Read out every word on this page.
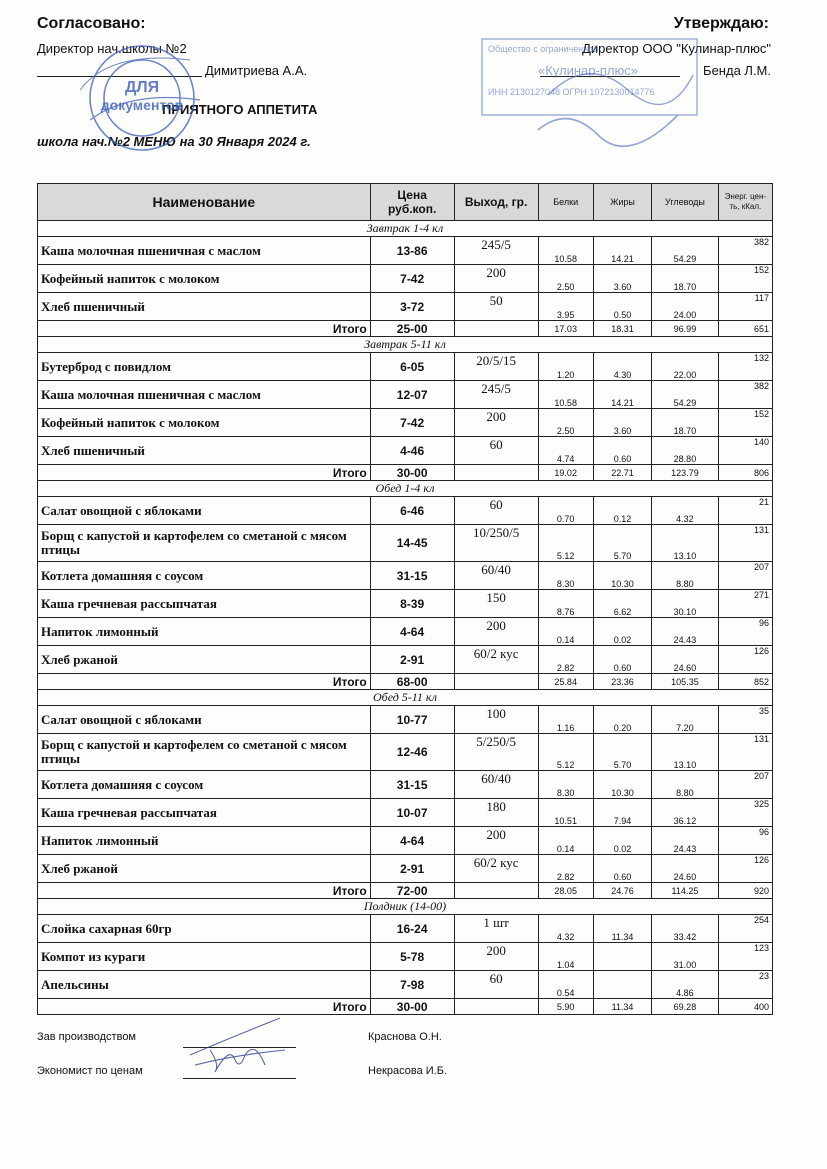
Согласовано:
Директор нач.школы №2
Димитриева А.А.
Утверждаю:
Директор ООО "Кулинар-плюс"
Бенда Л.М.
ПРИЯТНОГО АППЕТИТА
школа нач.№2 МЕНЮ на 30 Января 2024 г.
ДЛЯ
документов
Общество с ограниченной
«Кулинар-плюс»
ИНН 2130127048 ОГРН 1072130014776
Наименование	Цена руб.коп.	Выход, гр.	Белки	Жиры	Углеводы	Энерг. цен-ть, кКал.
Завтрак 1-4 кл						
Каша молочная пшеничная с маслом	13-86	245/5	10.58	14.21	54.29	382
Кофейный напиток с молоком	7-42	200	2.50	3.60	18.70	152
Хлеб пшеничный	3-72	50	3.95	0.50	24.00	117
Итого	25-00		17.03	18.31	96.99	651
Завтрак 5-11 кл						
Бутерброд с повидлом	6-05	20/5/15	1.20	4.30	22.00	132
Каша молочная пшеничная с маслом	12-07	245/5	10.58	14.21	54.29	382
Кофейный напиток с молоком	7-42	200	2.50	3.60	18.70	152
Хлеб пшеничный	4-46	60	4.74	0.60	28.80	140
Итого	30-00		19.02	22.71	123.79	806
Обед 1-4 кл						
Салат овощной с яблоками	6-46	60	0.70	0.12	4.32	21
Борщ с капустой и картофелем со сметаной с мясом птицы	14-45	10/250/5	5.12	5.70	13.10	131
Котлета домашняя с соусом	31-15	60/40	8.30	10.30	8.80	207
Каша гречневая рассыпчатая	8-39	150	8.76	6.62	30.10	271
Напиток лимонный	4-64	200	0.14	0.02	24.43	96
Хлеб ржаной	2-91	60/2 кус	2.82	0.60	24.60	126
Итого	68-00		25.84	23.36	105.35	852
Обед 5-11 кл						
Салат овощной с яблоками	10-77	100	1.16	0.20	7.20	35
Борщ с капустой и картофелем со сметаной с мясом птицы	12-46	5/250/5	5.12	5.70	13.10	131
Котлета домашняя с соусом	31-15	60/40	8.30	10.30	8.80	207
Каша гречневая рассыпчатая	10-07	180	10.51	7.94	36.12	325
Напиток лимонный	4-64	200	0.14	0.02	24.43	96
Хлеб ржаной	2-91	60/2 кус	2.82	0.60	24.60	126
Итого	72-00		28.05	24.76	114.25	920
Полдник (14-00)						
Слойка сахарная 60гр	16-24	1 шт	4.32	11.34	33.42	254
Компот из кураги	5-78	200	1.04		31.00	123
Апельсины	7-98	60	0.54		4.86	23
Итого	30-00		5.90	11.34	69.28	400
Зав производством	Краснова О.Н.
Экономист по ценам	Некрасова И.Б.
